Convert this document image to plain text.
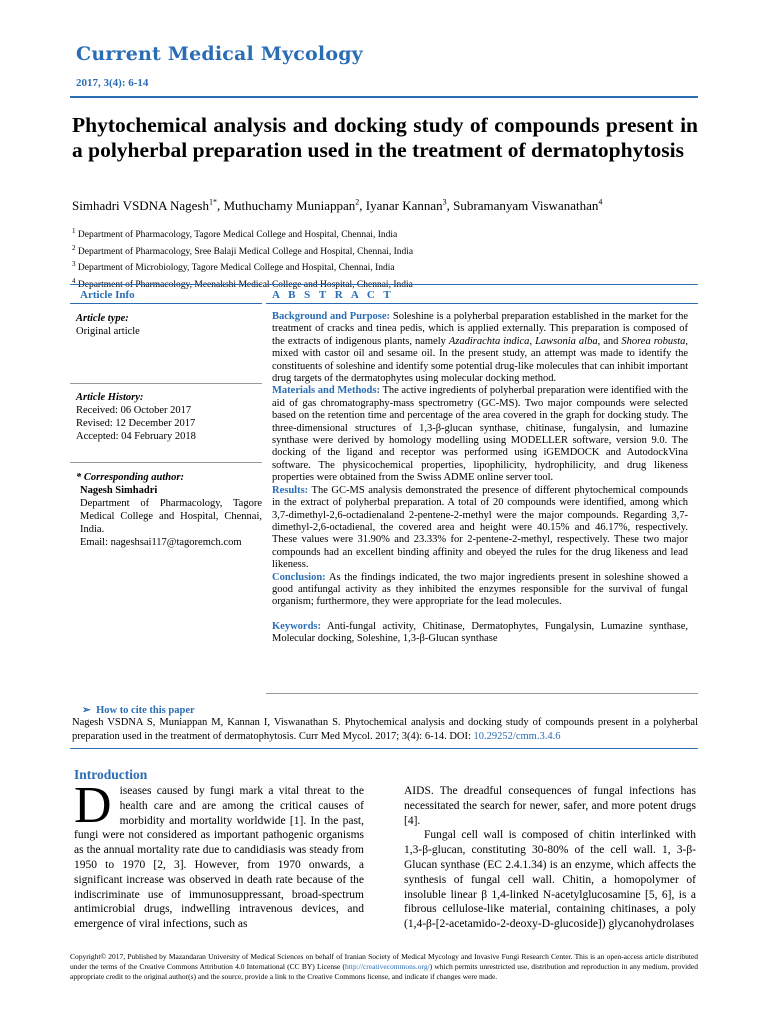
Current Medical Mycology
2017, 3(4): 6-14
Phytochemical analysis and docking study of compounds present in a polyherbal preparation used in the treatment of dermatophytosis
Simhadri VSDNA Nagesh$^{1*}$, Muthuchamy Muniappan$^2$, Iyanar Kannan$^3$, Subramanyam Viswanathan$^4$
$^1$ Department of Pharmacology, Tagore Medical College and Hospital, Chennai, India
$^2$ Department of Pharmacology, Sree Balaji Medical College and Hospital, Chennai, India
$^3$ Department of Microbiology, Tagore Medical College and Hospital, Chennai, India
$^4$ Department of Pharmacology, Meenakshi Medical College and Hospital, Chennai, India
Article Info	A B S T R A C T
Article type:
Original article
Article History:
Received: 06 October 2017
Revised: 12 December 2017
Accepted: 04 February 2018
* Corresponding author:
Nagesh Simhadri
Department of Pharmacology, Tagore Medical College and Hospital, Chennai, India.
Email: nageshsai117@tagoremch.com

Background and Purpose: Soleshine is a polyherbal preparation established in the market for the treatment of cracks and tinea pedis, which is applied externally. This preparation is composed of the extracts of indigenous plants, namely Azadirachta indica, Lawsonia alba, and Shorea robusta, mixed with castor oil and sesame oil. In the present study, an attempt was made to identify the constituents of soleshine and identify some potential drug-like molecules that can inhibit important drug targets of the dermatophytes using molecular docking method.

Materials and Methods: The active ingredients of polyherbal preparation were identified with the aid of gas chromatography-mass spectrometry (GC-MS). Two major compounds were selected based on the retention time and percentage of the area covered in the graph for docking study. The three-dimensional structures of 1,3-β-glucan synthase, chitinase, fungalysin, and lumazine synthase were derived by homology modelling using MODELLER software, version 9.0. The docking of the ligand and receptor was performed using iGEMDOCK and AutodockVina software. The physicochemical properties, lipophilicity, hydrophilicity, and drug likeness properties were obtained from the Swiss ADME online server tool.

Results: The GC-MS analysis demonstrated the presence of different phytochemical compounds in the extract of polyherbal preparation. A total of 20 compounds were identified, among which 3,7-dimethyl-2,6-octadienaland 2-pentene-2-methyl were the major compounds. Regarding 3,7-dimethyl-2,6-octadienal, the covered area and height were 40.15% and 46.17%, respectively. These values were 31.90% and 23.33% for 2-pentene-2-methyl, respectively. These two major compounds had an excellent binding affinity and obeyed the rules for the drug likeness and lead likeness.

Conclusion: As the findings indicated, the two major ingredients present in soleshine showed a good antifungal activity as they inhibited the enzymes responsible for the survival of fungal organism; furthermore, they were appropriate for the lead molecules.

Keywords: Anti-fungal activity, Chitinase, Dermatophytes, Fungalysin, Lumazine synthase, Molecular docking, Soleshine, 1,3-β-Glucan synthase

➢ How to cite this paper
Nagesh VSDNA S, Muniappan M, Kannan I, Viswanathan S. Phytochemical analysis and docking study of compounds present in a polyherbal preparation used in the treatment of dermatophytosis. Curr Med Mycol. 2017; 3(4): 6-14. DOI: 10.29252/cmm.3.4.6
Introduction
Diseases caused by fungi mark a vital threat to the health care and are among the critical causes of morbidity and mortality worldwide [1]. In the past, fungi were not considered as important pathogenic organisms as the annual mortality rate due to candidiasis was steady from 1950 to 1970 [2, 3]. However, from 1970 onwards, a significant increase was observed in death rate because of the indiscriminate use of immunosuppressant, broad-spectrum antimicrobial drugs, indwelling intravenous devices, and emergence of viral infections, such as

AIDS. The dreadful consequences of fungal infections has necessitated the search for newer, safer, and more potent drugs [4].

Fungal cell wall is composed of chitin interlinked with 1,3-β-glucan, constituting 30-80% of the cell wall. 1, 3-β-Glucan synthase (EC 2.4.1.34) is an enzyme, which affects the synthesis of fungal cell wall. Chitin, a homopolymer of insoluble linear β 1,4-linked N-acetylglucosamine [5, 6], is a fibrous cellulose-like material, containing chitinases, a poly (1,4-β-[2-acetamido-2-deoxy-D-glucoside]) glycanohydrolases

Copyright© 2017, Published by Mazandaran University of Medical Sciences on behalf of Iranian Society of Medical Mycology and Invasive Fungi Research Center. This is an open-access article distributed under the terms of the Creative Commons Attribution 4.0 International (CC BY) License (http://creativecommons.org/) which permits unrestricted use, distribution and reproduction in any medium, provided appropriate credit to the original author(s) and the source, provide a link to the Creative Commons license, and indicate if changes were made.
